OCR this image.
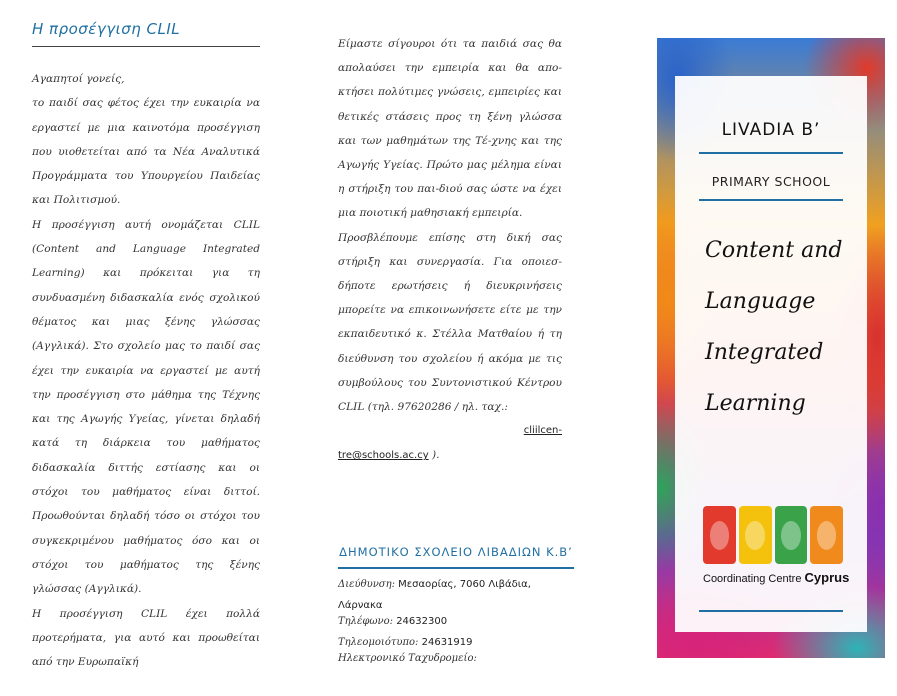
Η προσέγγιση CLIL

Αγαπητοί γονείς,

το παιδί σας φέτος έχει την ευκαιρία να εργαστεί με μια καινοτόμα προσέγγιση που υιοθετείται από τα Νέα Αναλυτικά Προγράμματα του Υπουργείου Παιδείας και Πολιτισμού.

Η προσέγγιση αυτή ονομάζεται CLIL (Content and Language Integrated Learning) και πρόκειται για τη συνδυασμένη διδασκαλία ενός σχολικού θέματος και μιας ξένης γλώσσας (Αγγλικά). Στο σχολείο μας το παιδί σας έχει την ευκαιρία να εργαστεί με αυτή την προσέγγιση στο μάθημα της Τέχνης και της Αγωγής Υγείας, γίνεται δηλαδή κατά τη διάρκεια του μαθήματος διδασκαλία διττής εστίασης και οι στόχοι του μαθήματος είναι διττοί. Προωθούνται δηλαδή τόσο οι στόχοι του συγκεκριμένου μαθήματος όσο και οι στόχοι του μαθήματος της ξένης γλώσσας (Αγγλικά).

Η προσέγγιση CLIL έχει πολλά προτερήματα, για αυτό και προωθείται από την Ευρωπαϊκή

Είμαστε σίγουροι ότι τα παιδιά σας θα απολαύσει την εμπειρία και θα απο-κτήσει πολύτιμες γνώσεις, εμπειρίες και θετικές στάσεις προς τη ξένη γλώσσα και των μαθημάτων της Τέ-χνης και της Αγωγής Υγείας. Πρώτο μας μέλημα είναι η στήριξη του παι-διού σας ώστε να έχει μια ποιοτική μαθησιακή εμπειρία.

Προσβλέπουμε επίσης στη δική σας στήριξη και συνεργασία. Για οποιεσ-δήποτε ερωτήσεις ή διευκρινήσεις μπορείτε να επικοινωνήσετε είτε με την εκπαιδευτικό κ. Στέλλα Ματθαίου ή τη διεύθυνση του σχολείου ή ακόμα με τις συμβούλους του Συντονιστικού Κέντρου CLIL (τηλ. 97620286 / ηλ. ταχ.:

cliilcen-

tre@schools.ac.cy ).

ΔΗΜΟΤΙΚΟ ΣΧΟΛΕΙΟ ΛΙΒΑΔΙΩΝ Κ.Β’
Διεύθυνση: Μεσαορίας, 7060 Λιβάδια,
Λάρνακα
Τηλέφωνο: 24632300
Τηλεομοιότυπο: 24631919
Ηλεκτρονικό Ταχυδρομείο:
LIVADIA B’
PRIMARY SCHOOL
Content and
Language
Integrated
Learning
Coordinating Centre Cyprus
